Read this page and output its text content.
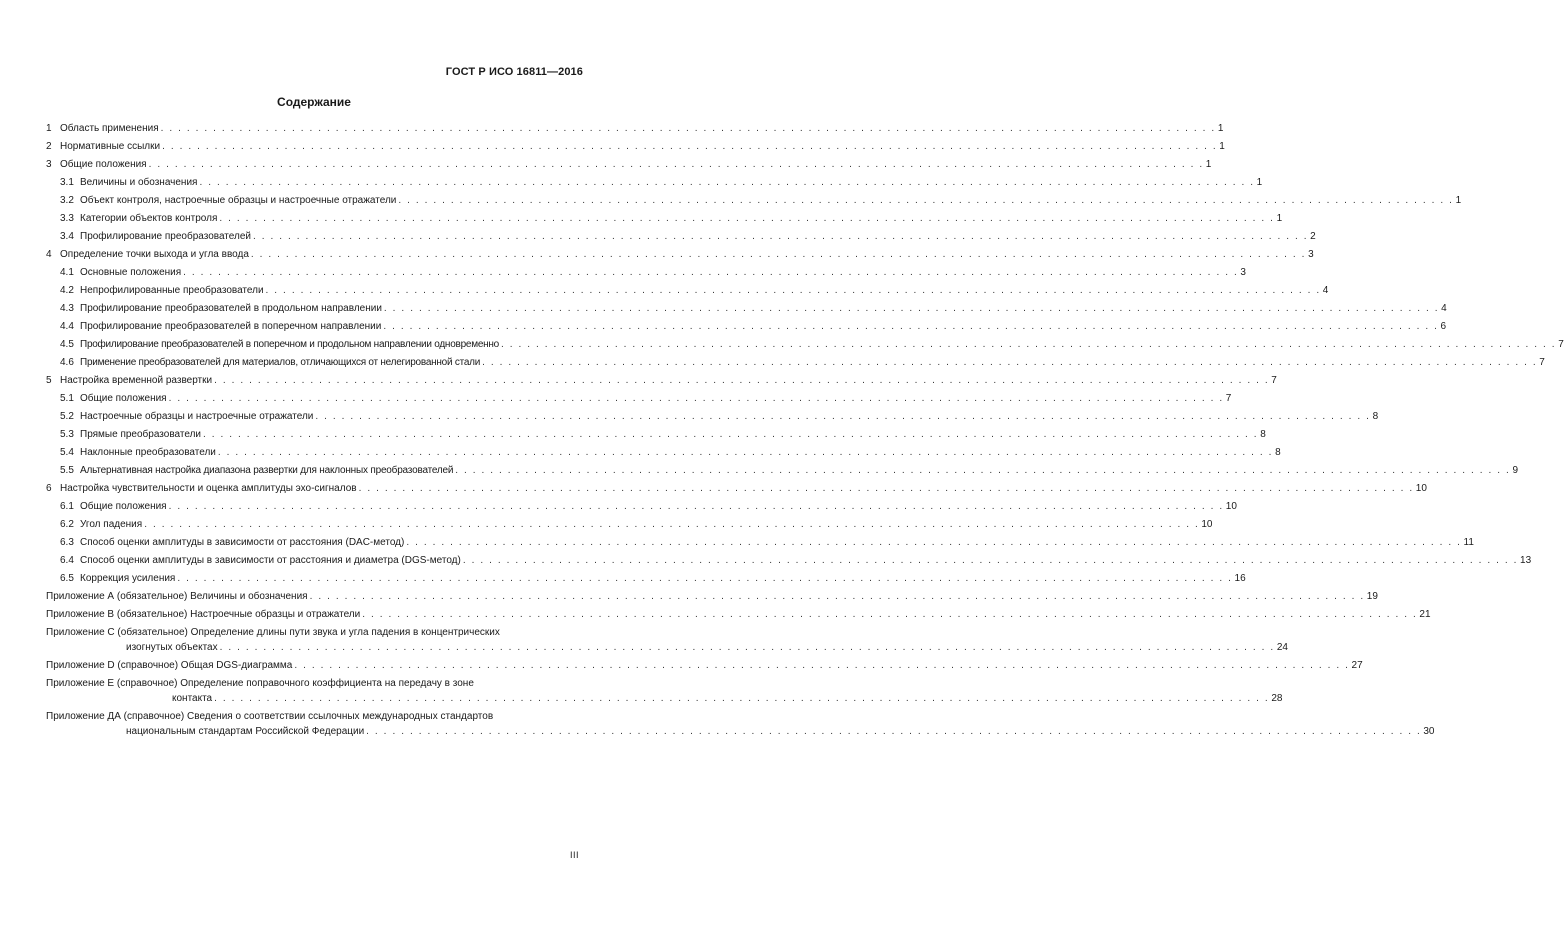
ГОСТ Р ИСО 16811—2016
Содержание
1 Область применения . . .	1
2 Нормативные ссылки . . .	1
3 Общие положения . . .	1
3.1 Величины и обозначения . . .	1
3.2 Объект контроля, настроечные образцы и настроечные отражатели . . .	1
3.3 Категории объектов контроля . . .	1
3.4 Профилирование преобразователей . . .	2
4 Определение точки выхода и угла ввода . . .	3
4.1 Основные положения . . .	3
4.2 Непрофилированные преобразователи . . .	4
4.3 Профилирование преобразователей в продольном направлении . . .	4
4.4 Профилирование преобразователей в поперечном направлении . . .	6
4.5 Профилирование преобразователей в поперечном и продольном направлении одновременно . . .	7
4.6 Применение преобразователей для материалов, отличающихся от нелегированной стали . . .	7
5 Настройка временной развертки . . .	7
5.1 Общие положения . . .	7
5.2 Настроечные образцы и настроечные отражатели . . .	8
5.3 Прямые преобразователи . . .	8
5.4 Наклонные преобразователи . . .	8
5.5 Альтернативная настройка диапазона развертки для наклонных преобразователей . . .	9
6 Настройка чувствительности и оценка амплитуды эхо-сигналов . . .	10
6.1 Общие положения . . .	10
6.2 Угол падения . . .	10
6.3 Способ оценки амплитуды в зависимости от расстояния (DAC-метод) . . .	11
6.4 Способ оценки амплитуды в зависимости от расстояния и диаметра (DGS-метод) . . .	13
6.5 Коррекция усиления . . .	16
Приложение А (обязательное) Величины и обозначения . . .	19
Приложение В (обязательное) Настроечные образцы и отражатели . . .	21
Приложение С (обязательное) Определение длины пути звука и угла падения в концентрических
изогнутых объектах . . .	24
Приложение D (справочное) Общая DGS-диаграмма . . .	27
Приложение Е (справочное) Определение поправочного коэффициента на передачу в зоне
контакта . . .	28
Приложение ДА (справочное) Сведения о соответствии ссылочных международных стандартов
национальным стандартам Российской Федерации . . .	30
III
